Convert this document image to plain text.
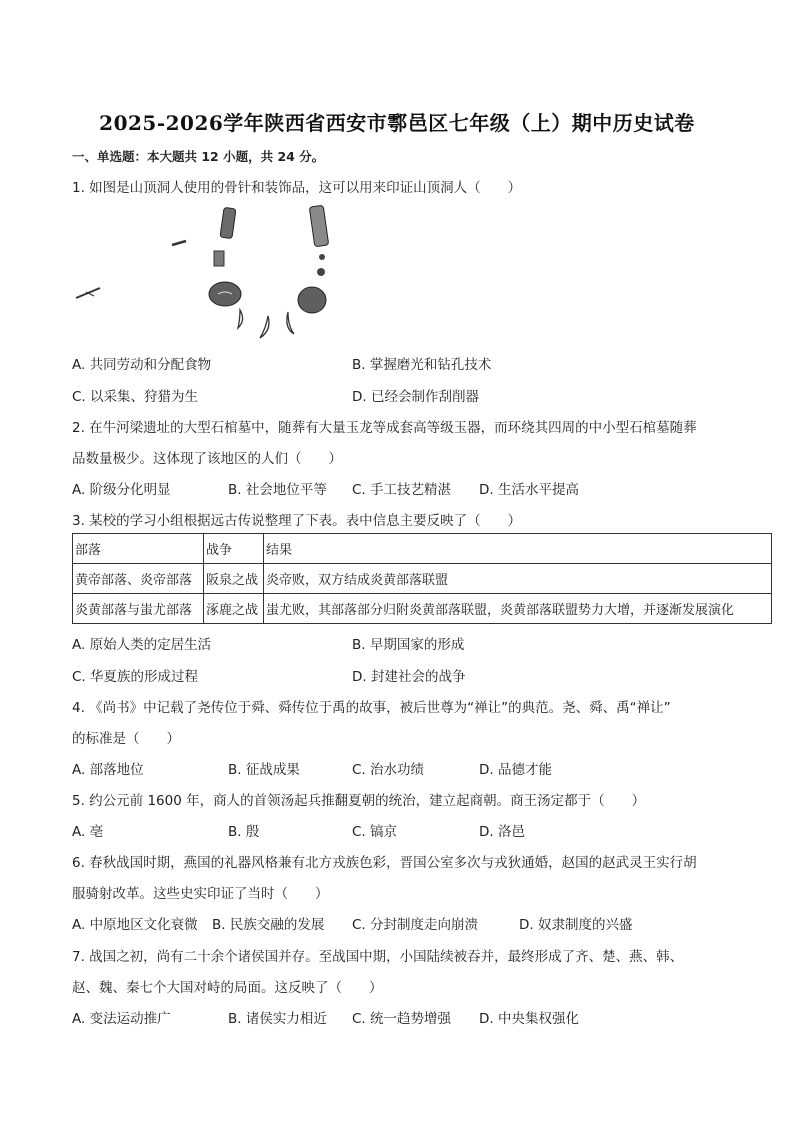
2025-2026学年陕西省西安市鄠邑区七年级（上）期中历史试卷
一、单选题：本大题共 12 小题，共 24 分。
1. 如图是山顶洞人使用的骨针和装饰品，这可以用来印证山顶洞人（　　）
A. 共同劳动和分配食物	B. 掌握磨光和钻孔技术
C. 以采集、狩猎为生	D. 已经会制作刮削器
2. 在牛河梁遗址的大型石棺墓中，随葬有大量玉龙等成套高等级玉器，而环绕其四周的中小型石棺墓随葬
品数量极少。这体现了该地区的人们（　　）
A. 阶级分化明显	B. 社会地位平等 C. 手工技艺精湛 D. 生活水平提高
3. 某校的学习小组根据远古传说整理了下表。表中信息主要反映了（　　）
部落	战争	结果
黄帝部落、炎帝部落	阪泉之战	炎帝败，双方结成炎黄部落联盟
炎黄部落与蚩尤部落	涿鹿之战	蚩尤败，其部落部分归附炎黄部落联盟，炎黄部落联盟势力大增，并逐渐发展演化
A. 原始人类的定居生活	B. 早期国家的形成
C. 华夏族的形成过程	D. 封建社会的战争
4. 《尚书》中记载了尧传位于舜、舜传位于禹的故事，被后世尊为“禅让”的典范。尧、舜、禹“禅让”
的标准是（　　）
A. 部落地位	B. 征战成果	C. 治水功绩	D. 品德才能
5. 约公元前 1600 年，商人的首领汤起兵推翻夏朝的统治，建立起商朝。商王汤定都于（　　）
A. 亳	B. 殷	C. 镐京	D. 洛邑
6. 春秋战国时期，燕国的礼器风格兼有北方戎族色彩，晋国公室多次与戎狄通婚，赵国的赵武灵王实行胡
服骑射改革。这些史实印证了当时（　　）
A. 中原地区文化衰微 B. 民族交融的发展 C. 分封制度走向崩溃	D. 奴隶制度的兴盛
7. 战国之初，尚有二十余个诸侯国并存。至战国中期，小国陆续被吞并，最终形成了齐、楚、燕、韩、
赵、魏、秦七个大国对峙的局面。这反映了（　　）
A. 变法运动推广	B. 诸侯实力相近 C. 统一趋势增强 D. 中央集权强化
